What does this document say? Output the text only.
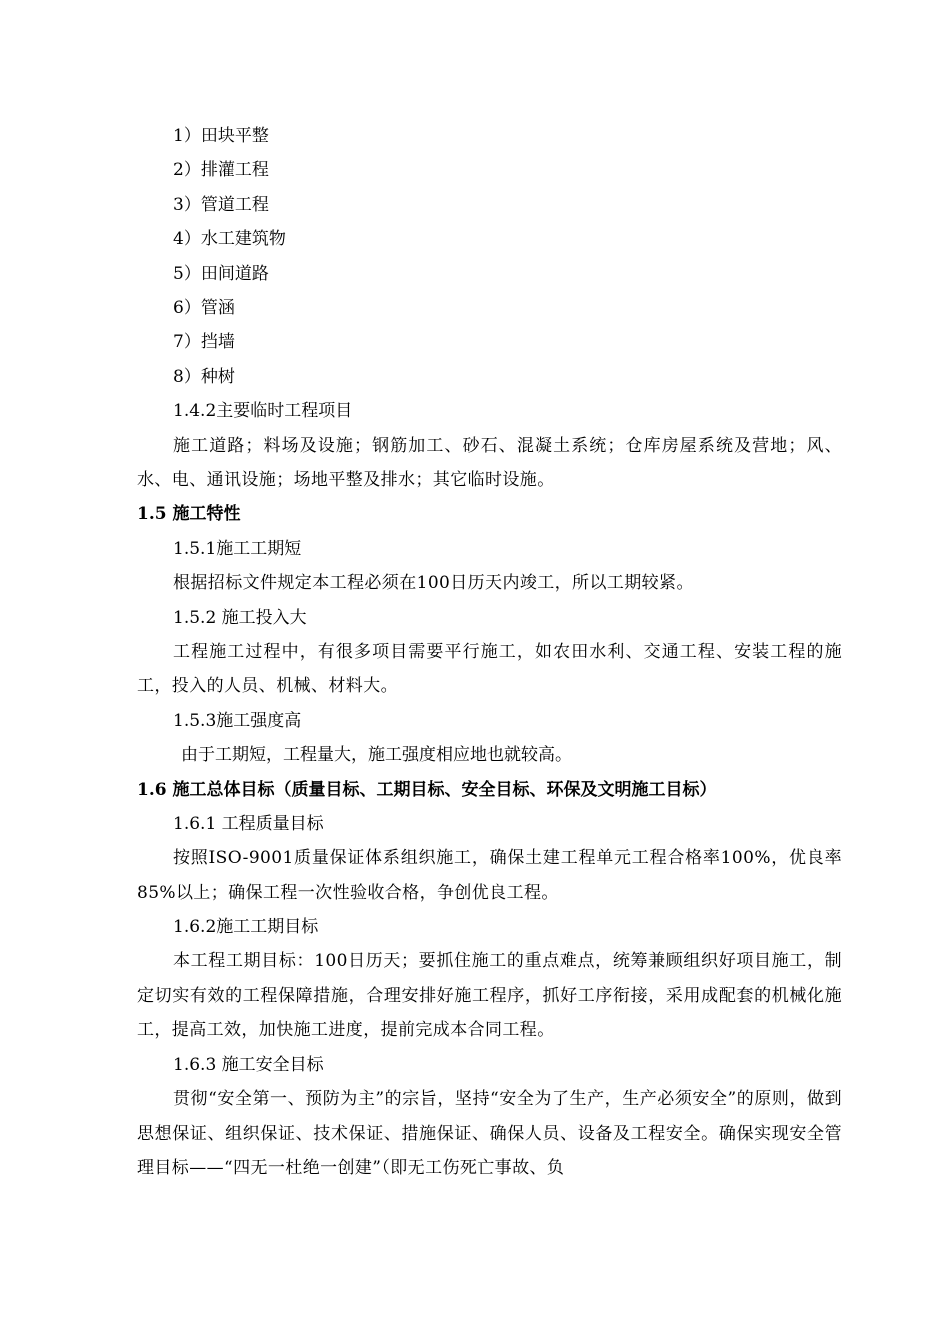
1）田块平整
2）排灌工程
3）管道工程
4）水工建筑物
5）田间道路
6）管涵
7）挡墙
8）种树
1.4.2主要临时工程项目
施工道路；料场及设施；钢筋加工、砂石、混凝土系统；仓库房屋系统及营地；风、水、电、通讯设施；场地平整及排水；其它临时设施。
1.5 施工特性
1.5.1施工工期短
根据招标文件规定本工程必须在100日历天内竣工，所以工期较紧。
1.5.2 施工投入大
工程施工过程中，有很多项目需要平行施工，如农田水利、交通工程、安装工程的施工，投入的人员、机械、材料大。
1.5.3施工强度高
由于工期短，工程量大，施工强度相应地也就较高。
1.6 施工总体目标（质量目标、工期目标、安全目标、环保及文明施工目标）
1.6.1 工程质量目标
按照ISO-9001质量保证体系组织施工，确保土建工程单元工程合格率100%，优良率85%以上；确保工程一次性验收合格，争创优良工程。
1.6.2施工工期目标
本工程工期目标：100日历天；要抓住施工的重点难点，统筹兼顾组织好项目施工，制定切实有效的工程保障措施，合理安排好施工程序，抓好工序衔接，采用成配套的机械化施工，提高工效，加快施工进度，提前完成本合同工程。
1.6.3 施工安全目标
贯彻“安全第一、预防为主”的宗旨，坚持“安全为了生产，生产必须安全”的原则，做到思想保证、组织保证、技术保证、措施保证、确保人员、设备及工程安全。确保实现安全管理目标——“四无一杜绝一创建”（即无工伤死亡事故、负
